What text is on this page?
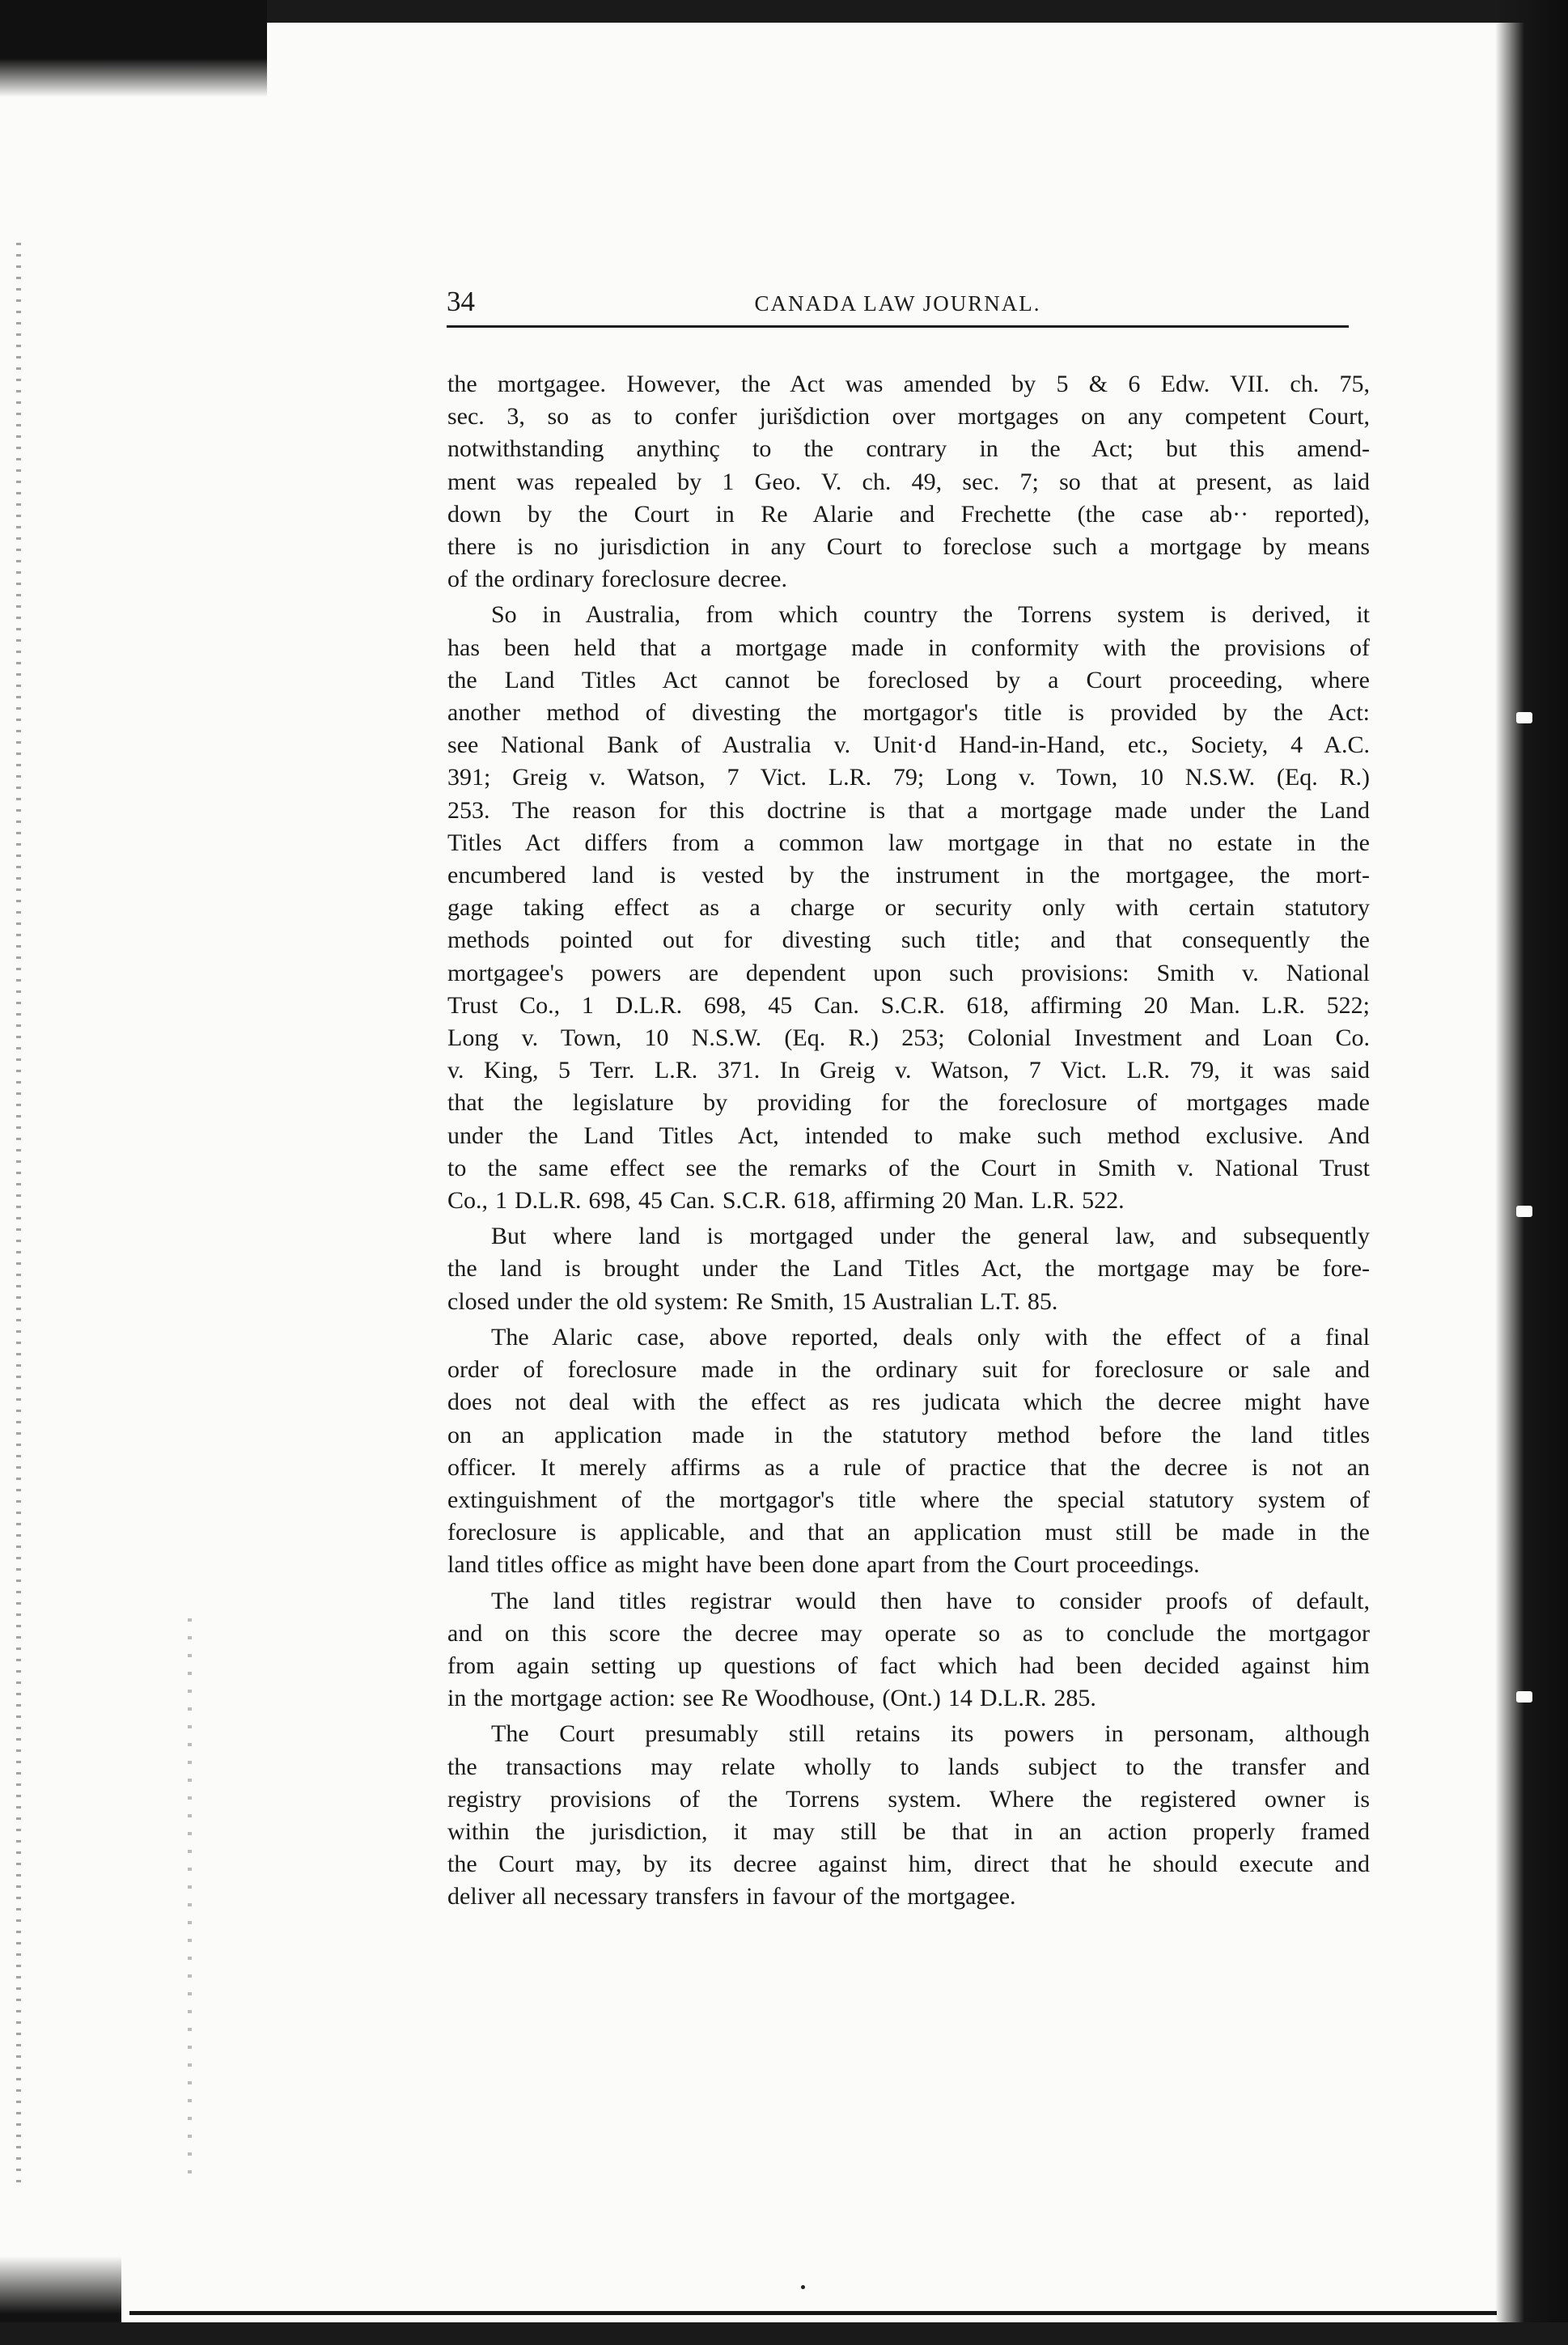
34	CANADA LAW JOURNAL.
the mortgagee. However, the Act was amended by 5 & 6 Edw. VII. ch. 75,
sec. 3, so as to confer jurišdiction over mortgages on any competent Court,
notwithstanding anythinç to the contrary in the Act; but this amend-
ment was repealed by 1 Geo. V. ch. 49, sec. 7; so that at present, as laid
down by the Court in Re Alarie and Frechette (the case ab·· reported),
there is no jurisdiction in any Court to foreclose such a mortgage by means
of the ordinary foreclosure decree.
So in Australia, from which country the Torrens system is derived, it
has been held that a mortgage made in conformity with the provisions of
the Land Titles Act cannot be foreclosed by a Court proceeding, where
another method of divesting the mortgagor's title is provided by the Act:
see National Bank of Australia v. Unit·d Hand-in-Hand, etc., Society, 4 A.C.
391; Greig v. Watson, 7 Vict. L.R. 79; Long v. Town, 10 N.S.W. (Eq. R.)
253. The reason for this doctrine is that a mortgage made under the Land
Titles Act differs from a common law mortgage in that no estate in the
encumbered land is vested by the instrument in the mortgagee, the mort-
gage taking effect as a charge or security only with certain statutory
methods pointed out for divesting such title; and that consequently the
mortgagee's powers are dependent upon such provisions: Smith v. National
Trust Co., 1 D.L.R. 698, 45 Can. S.C.R. 618, affirming 20 Man. L.R. 522;
Long v. Town, 10 N.S.W. (Eq. R.) 253; Colonial Investment and Loan Co.
v. King, 5 Terr. L.R. 371. In Greig v. Watson, 7 Vict. L.R. 79, it was said
that the legislature by providing for the foreclosure of mortgages made
under the Land Titles Act, intended to make such method exclusive. And
to the same effect see the remarks of the Court in Smith v. National Trust
Co., 1 D.L.R. 698, 45 Can. S.C.R. 618, affirming 20 Man. L.R. 522.
But where land is mortgaged under the general law, and subsequently
the land is brought under the Land Titles Act, the mortgage may be fore-
closed under the old system: Re Smith, 15 Australian L.T. 85.
The Alaric case, above reported, deals only with the effect of a final
order of foreclosure made in the ordinary suit for foreclosure or sale and
does not deal with the effect as res judicata which the decree might have
on an application made in the statutory method before the land titles
officer. It merely affirms as a rule of practice that the decree is not an
extinguishment of the mortgagor's title where the special statutory system of
foreclosure is applicable, and that an application must still be made in the
land titles office as might have been done apart from the Court proceedings.
The land titles registrar would then have to consider proofs of default,
and on this score the decree may operate so as to conclude the mortgagor
from again setting up questions of fact which had been decided against him
in the mortgage action: see Re Woodhouse, (Ont.) 14 D.L.R. 285.
The Court presumably still retains its powers in personam, although
the transactions may relate wholly to lands subject to the transfer and
registry provisions of the Torrens system. Where the registered owner is
within the jurisdiction, it may still be that in an action properly framed
the Court may, by its decree against him, direct that he should execute and
deliver all necessary transfers in favour of the mortgagee.
